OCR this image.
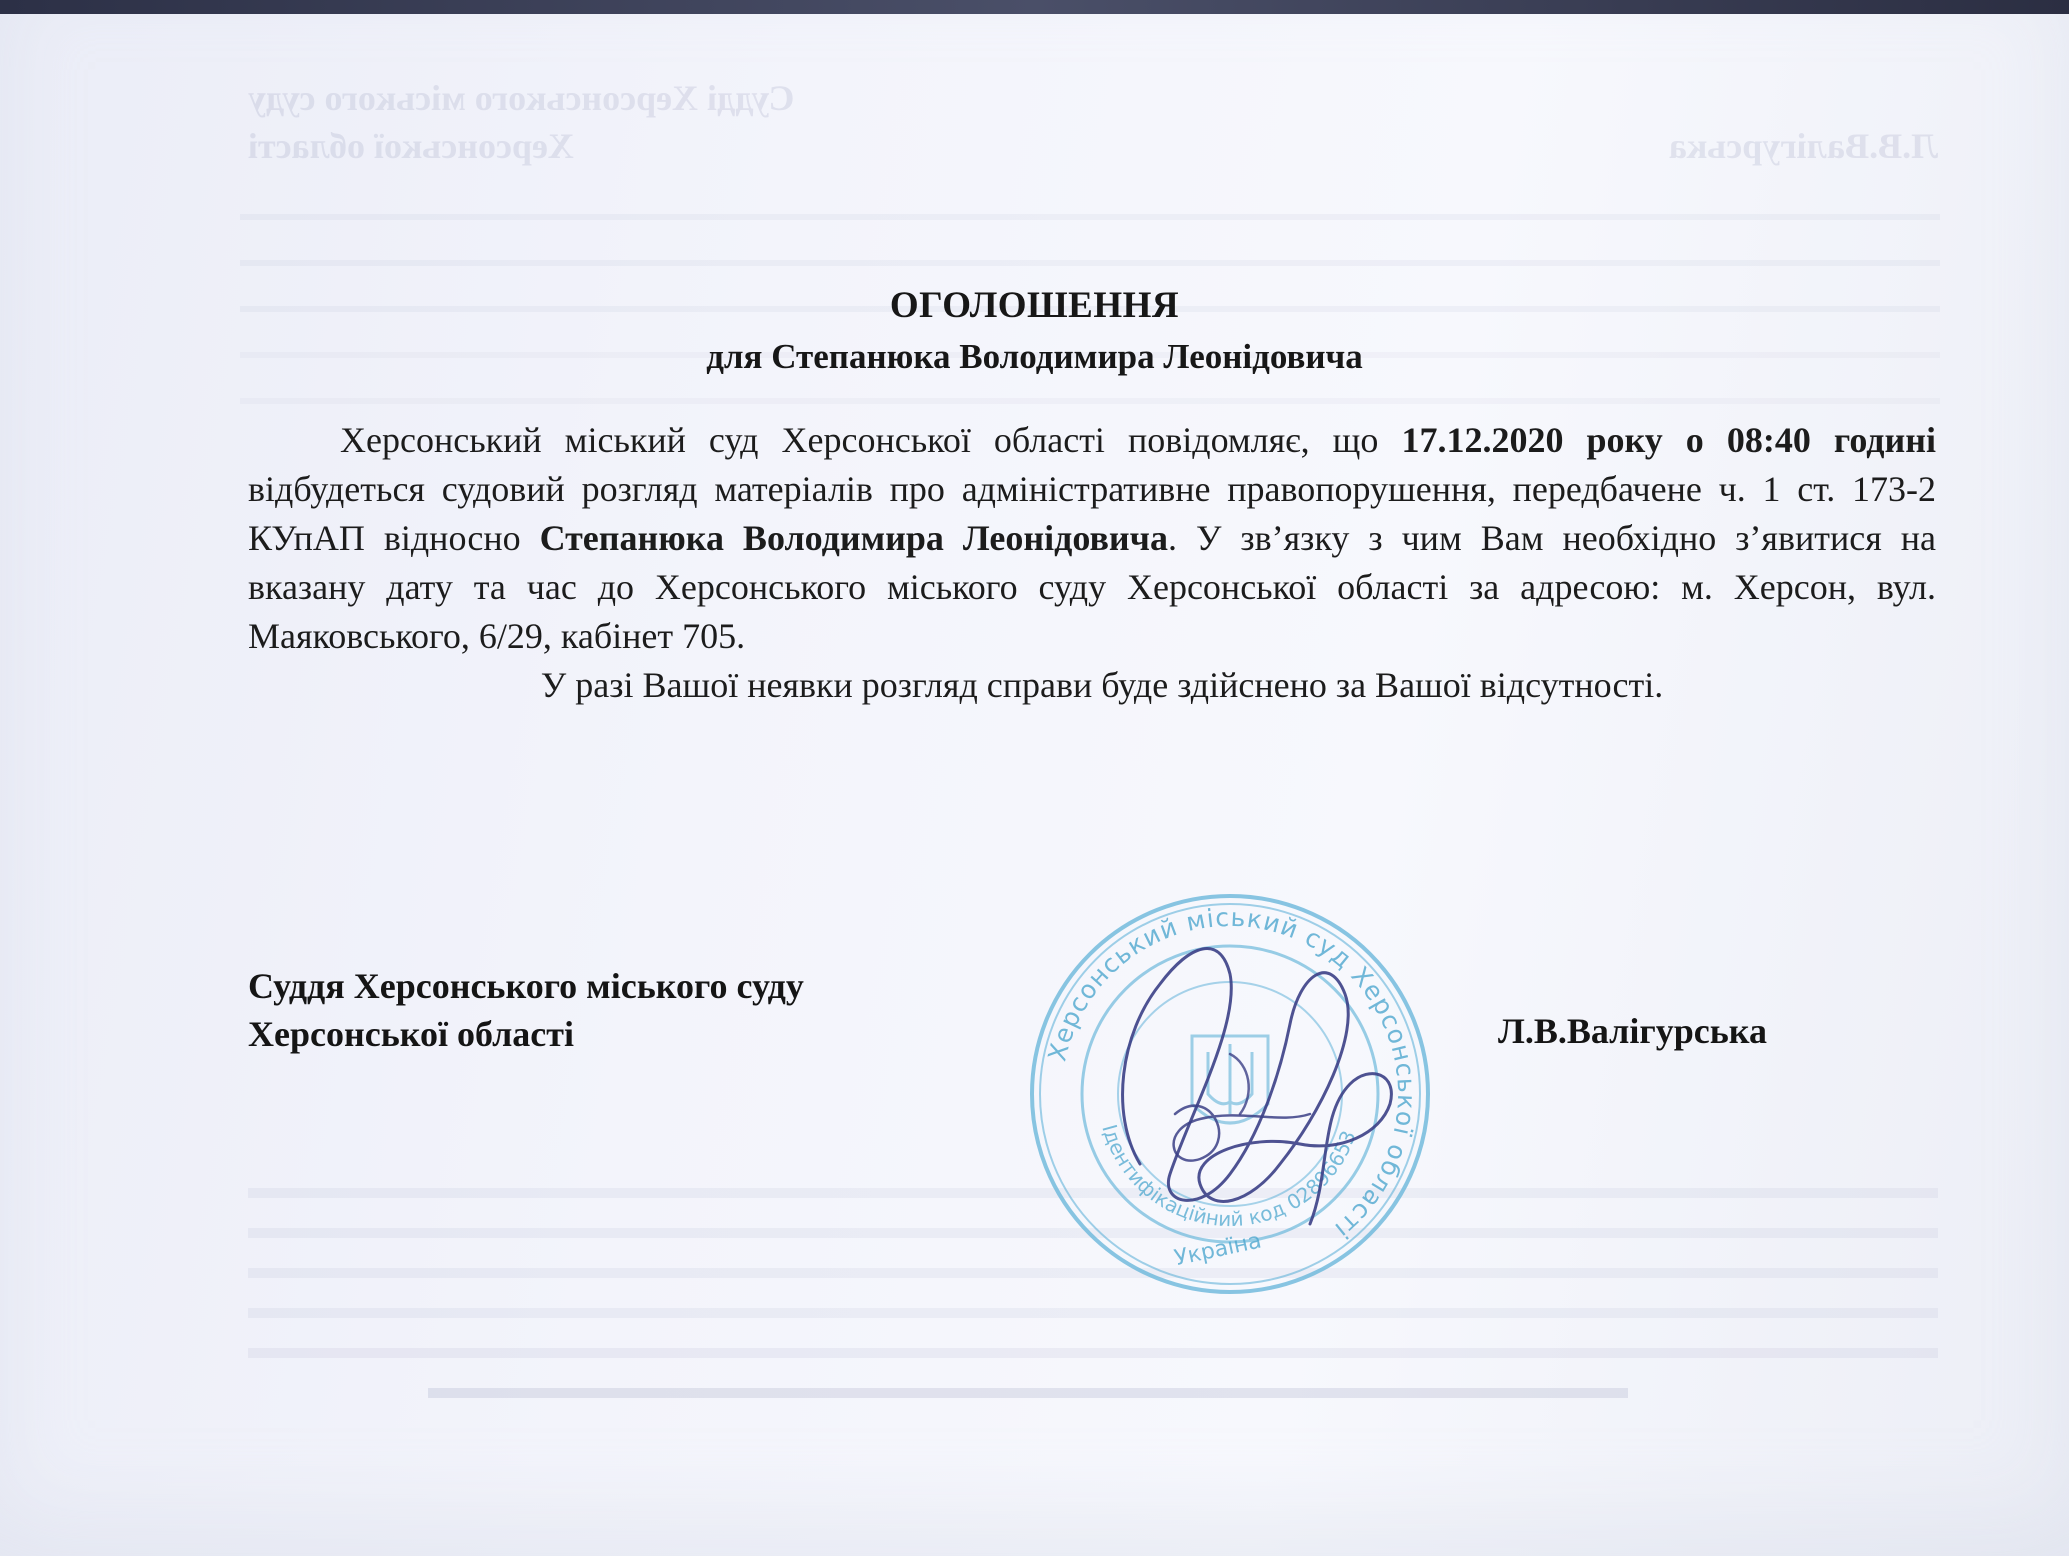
Судді Херсонського міського суду
Херсонської області	Л.В.Валігурська
ОГОЛОШЕННЯ
для Степанюка Володимира Леонідовича

Херсонський міський суд Херсонської області повідомляє, що 17.12.2020 року о 08:40 годині відбудеться судовий розгляд матеріалів про адміністративне правопорушення, передбачене ч. 1 ст. 173-2 КУпАП відносно Степанюка Володимира Леонідовича. У зв’язку з чим Вам необхідно з’явитися на вказану дату та час до Херсонського міського суду Херсонської області за адресою: м. Херсон, вул. Маяковського, 6/29, кабінет 705.

У разі Вашої неявки розгляд справи буде здійснено за Вашої відсутності.

Суддя Херсонського міського суду
Херсонської області	Л.В.Валігурська
Херсонський міський суд Херсонської області
Ідентифікаційний код 02896653
Україна
